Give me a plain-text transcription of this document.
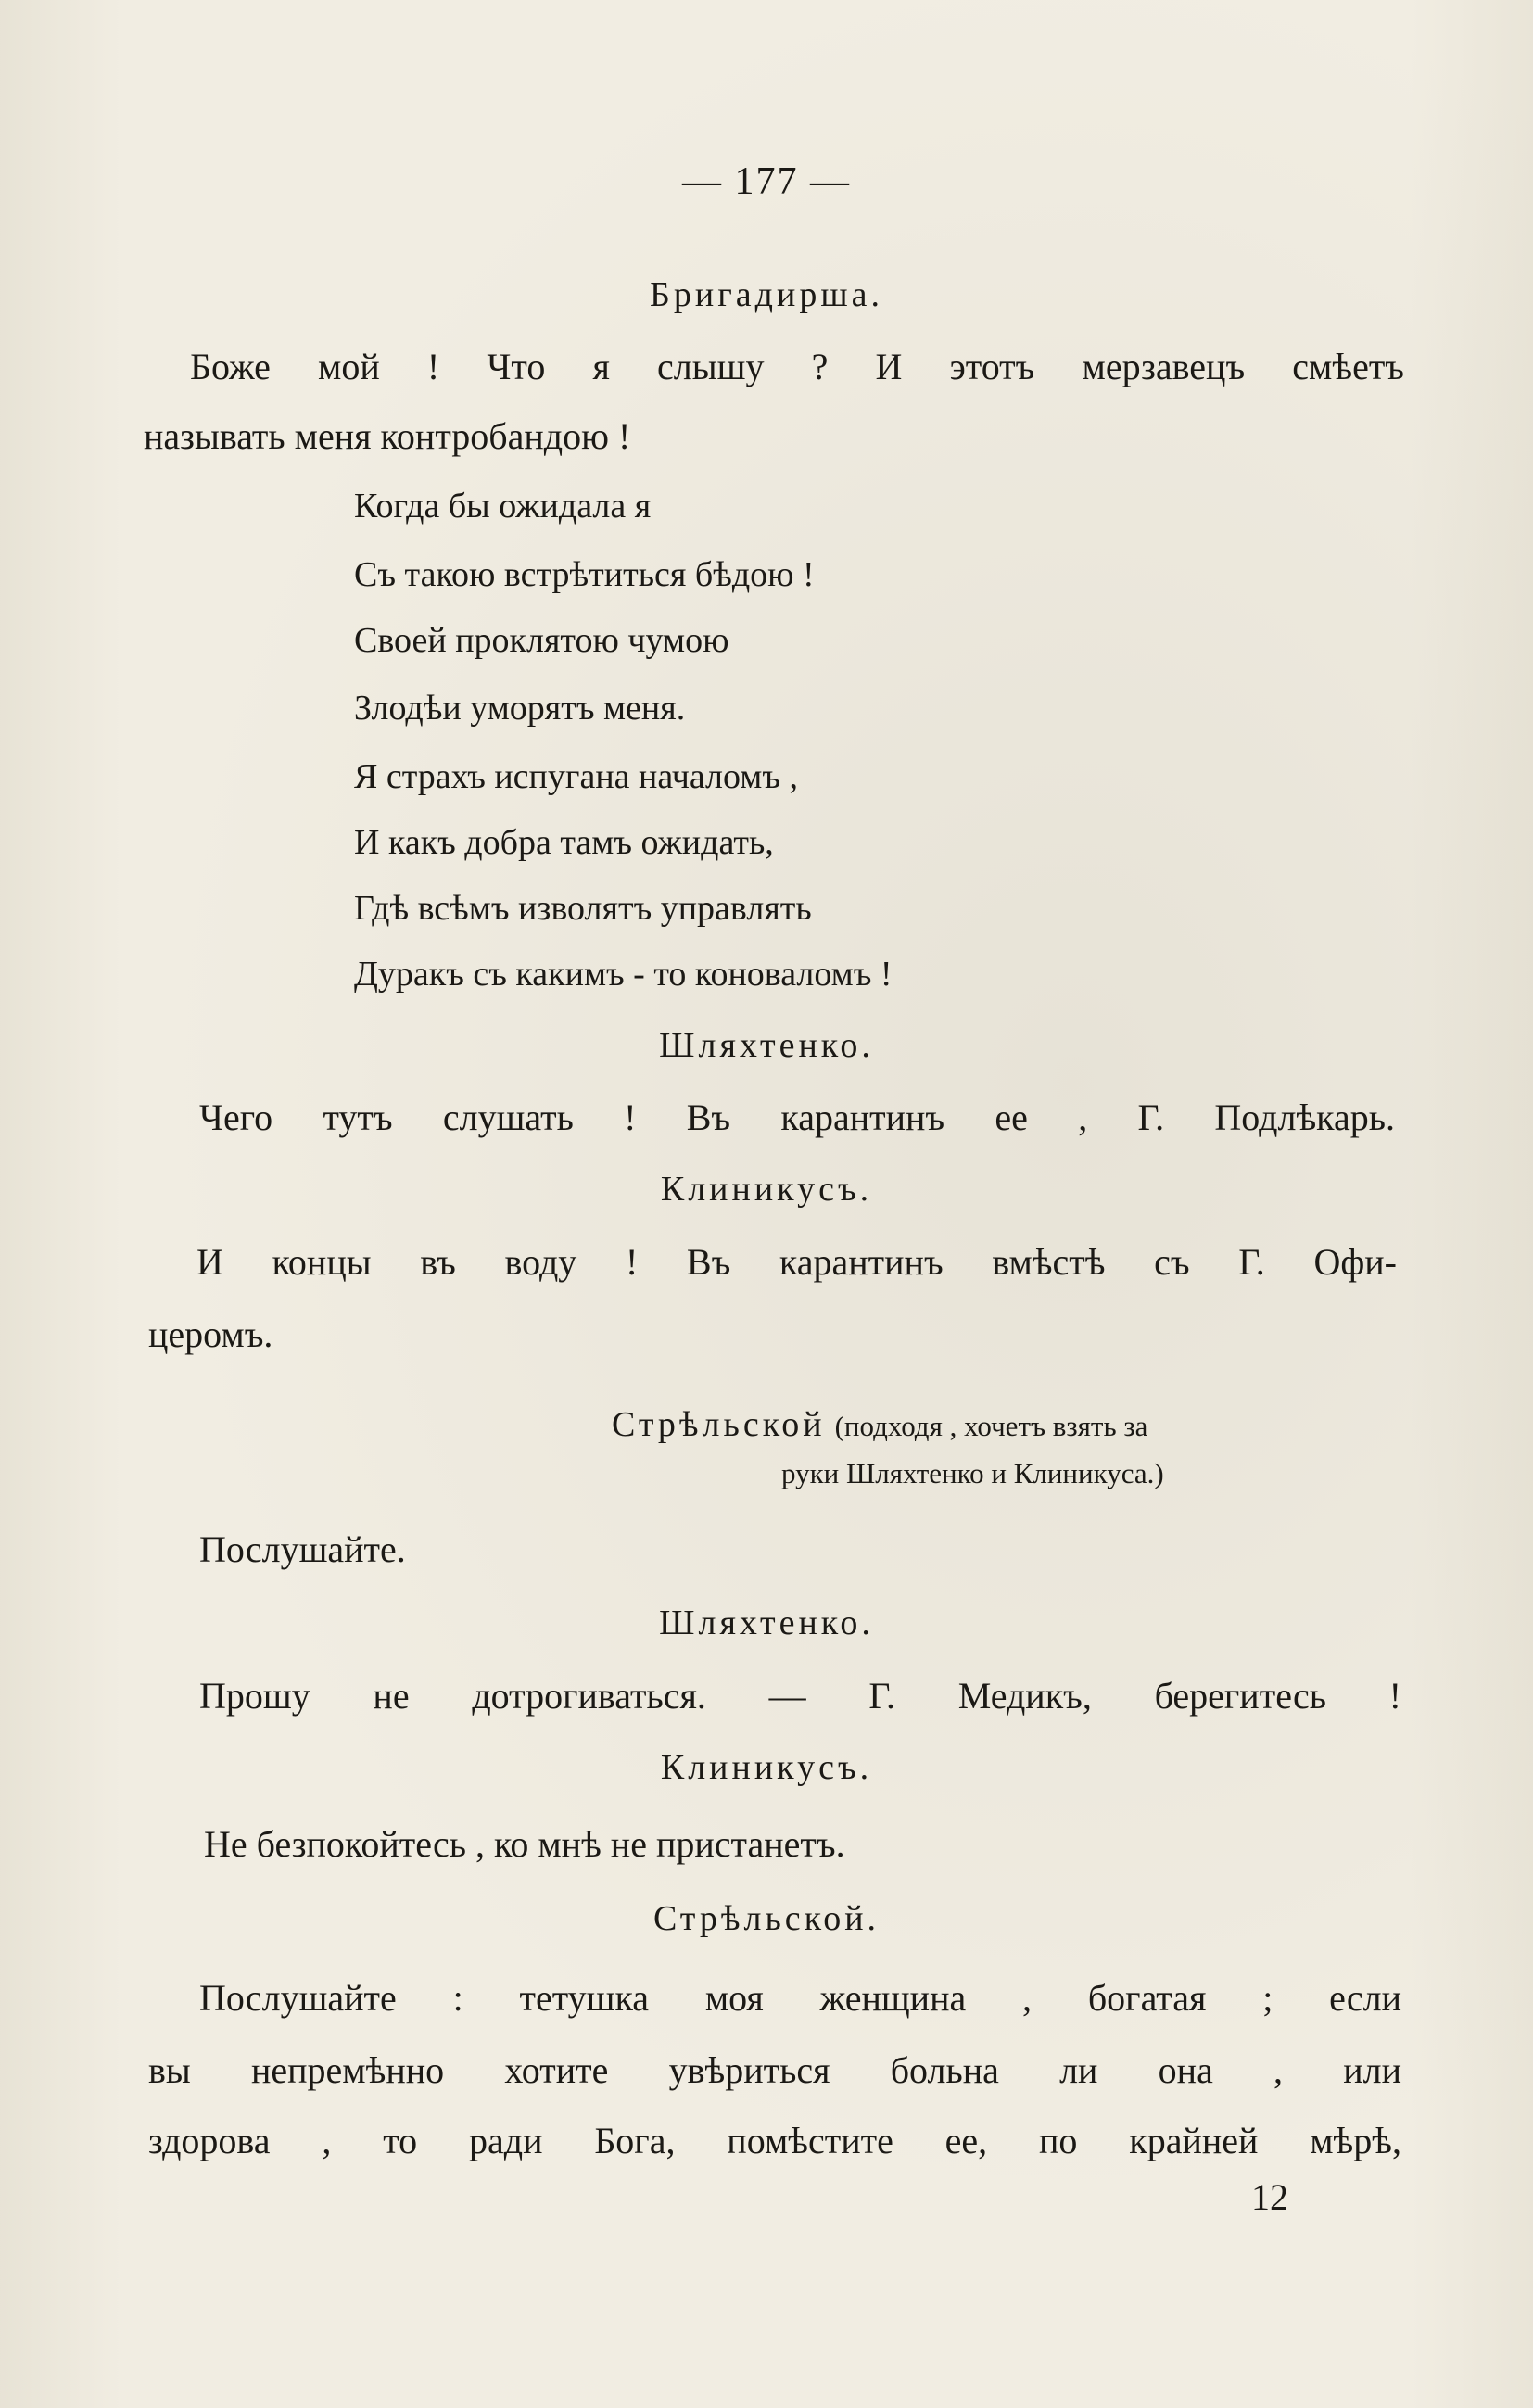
— 177 —
Бригадирша.
Боже мой ! Что я слышу ? И этотъ мерзавецъ смѣетъ
называть меня контробандою !
Когда бы ожидала я
Съ такою встрѣтиться бѣдою !
Своей проклятою чумою
Злодѣи уморятъ меня.
Я страхъ испугана началомъ ,
И какъ добра тамъ ожидать,
Гдѣ всѣмъ изволятъ управлять
Дуракъ съ какимъ - то коноваломъ !
Шляхтенко.
Чего тутъ слушать ! Въ карантинъ ее , Г. Подлѣкарь.
Клиникусъ.
И концы въ воду ! Въ карантинъ вмѣстѣ съ Г. Офи-
церомъ.
Стрѣльской (подходя , хочетъ взять за
руки Шляхтенко и Клиникуса.)
Послушайте.
Шляхтенко.
Прошу не дотрогиваться. — Г. Медикъ, берегитесь !
Клиникусъ.
Не безпокойтесь , ко мнѣ не пристанетъ.
Стрѣльской.
Послушайте : тетушка моя женщина , богатая ; если
вы непремѣнно хотите увѣриться больна ли она , или
здорова , то ради Бога, помѣстите ее, по крайней мѣрѣ,
12
